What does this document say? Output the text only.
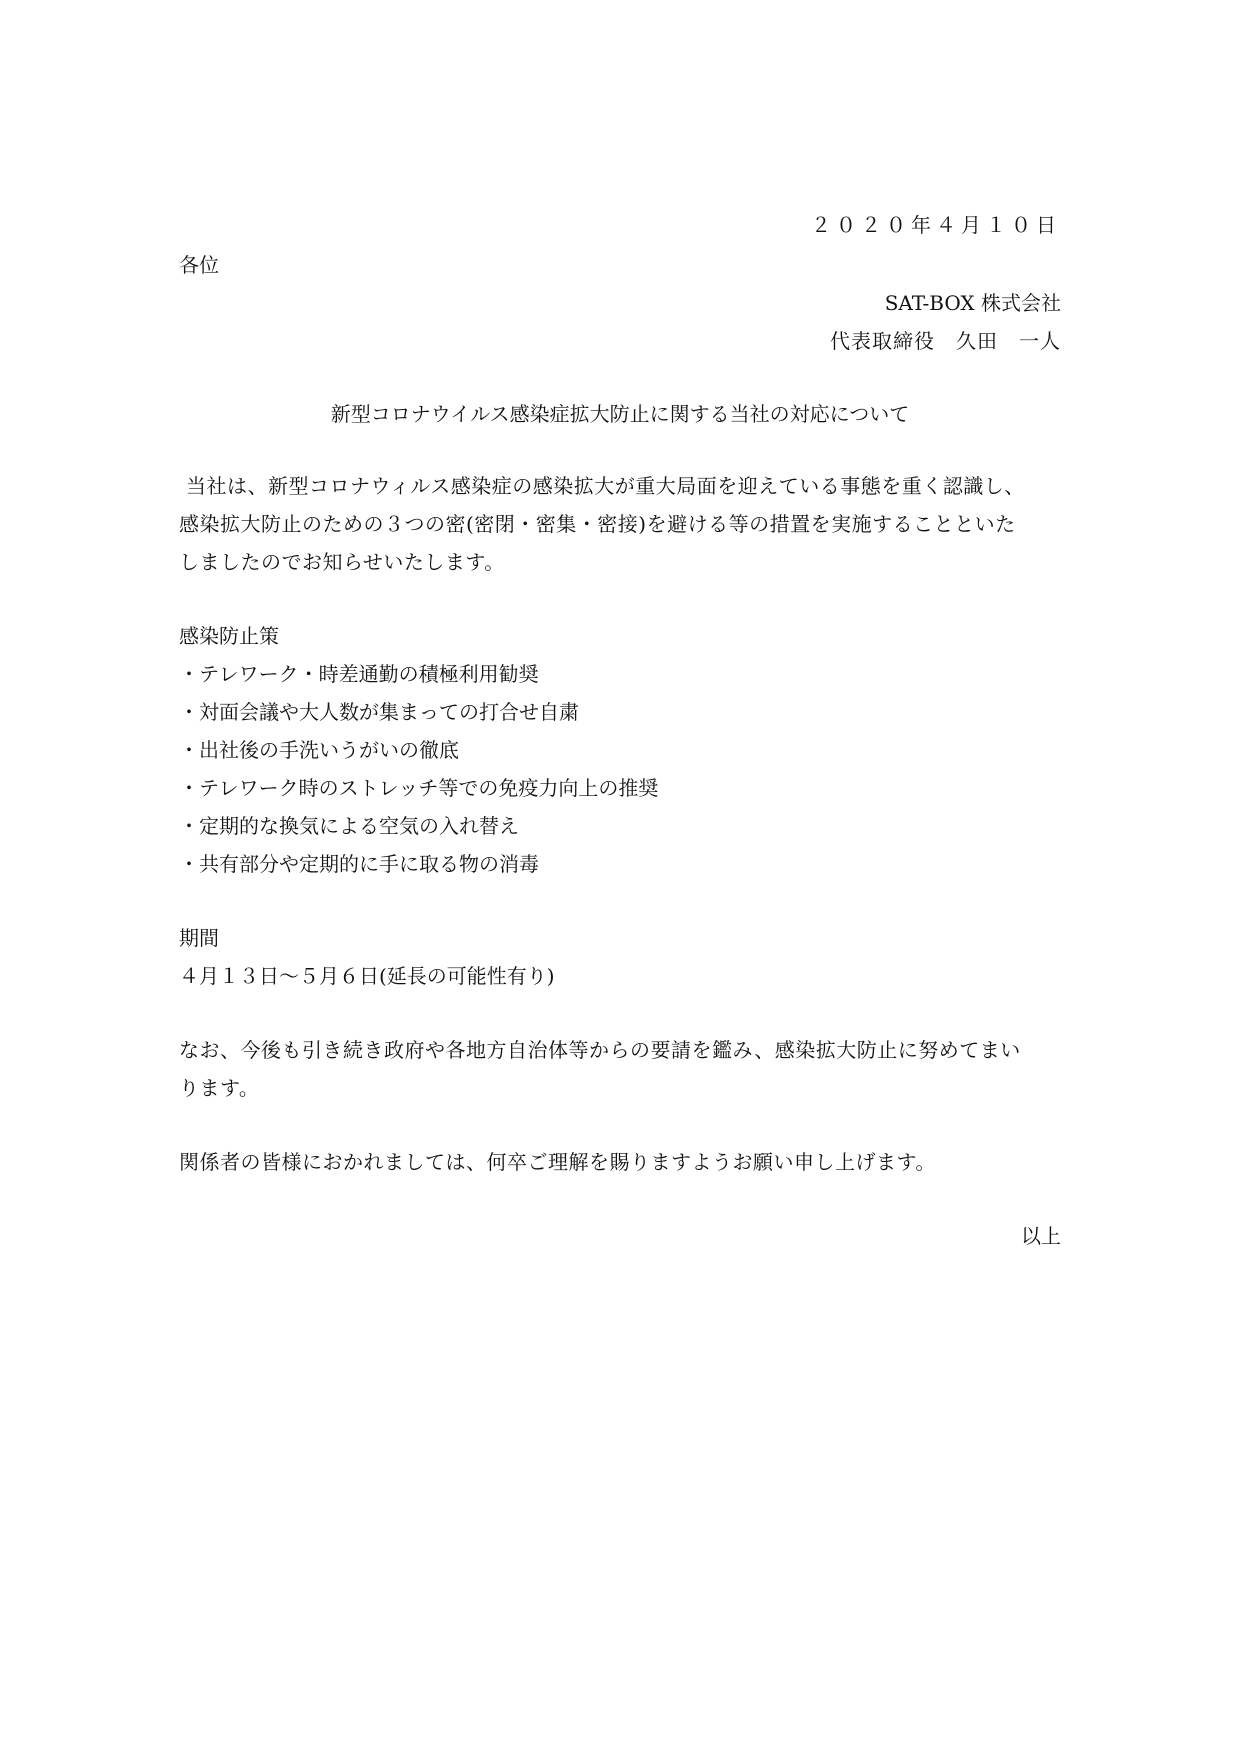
２０２０年４月１０日
各位
SAT-BOX 株式会社
代表取締役　久田　一人
新型コロナウイルス感染症拡大防止に関する当社の対応について
当社は、新型コロナウィルス感染症の感染拡大が重大局面を迎えている事態を重く認識し、
感染拡大防止のための３つの密(密閉・密集・密接)を避ける等の措置を実施することといた
しましたのでお知らせいたします。
感染防止策
・テレワーク・時差通勤の積極利用勧奨
・対面会議や大人数が集まっての打合せ自粛
・出社後の手洗いうがいの徹底
・テレワーク時のストレッチ等での免疫力向上の推奨
・定期的な換気による空気の入れ替え
・共有部分や定期的に手に取る物の消毒
期間
４月１３日〜５月６日(延長の可能性有り)
なお、今後も引き続き政府や各地方自治体等からの要請を鑑み、感染拡大防止に努めてまい
ります。
関係者の皆様におかれましては、何卒ご理解を賜りますようお願い申し上げます。
以上
